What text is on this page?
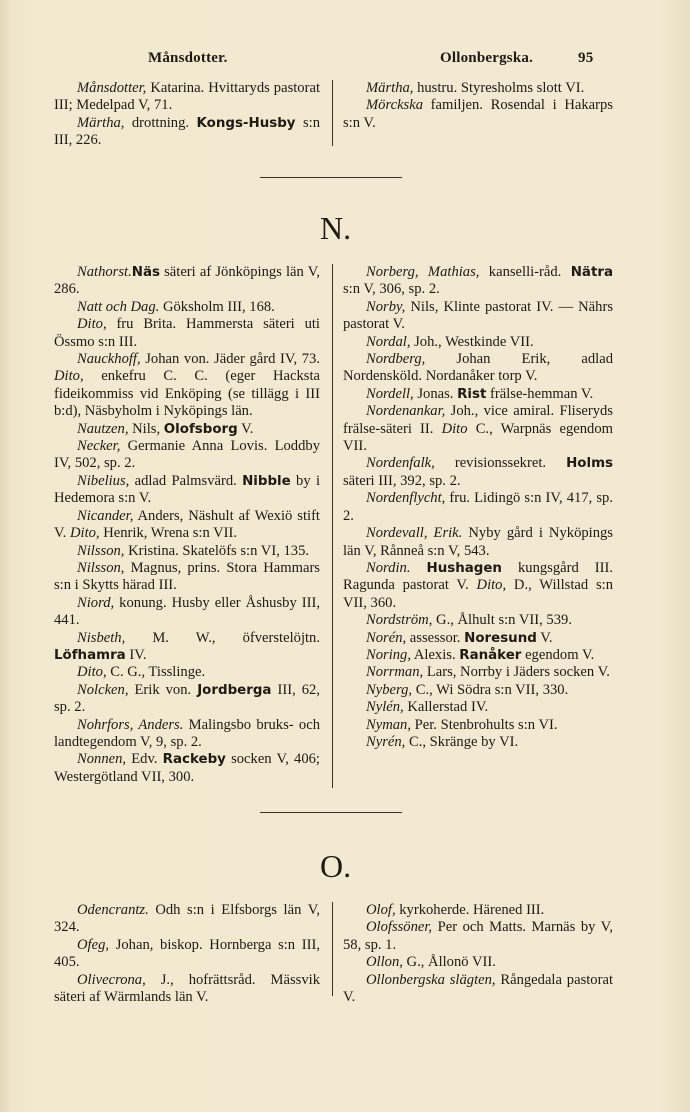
Månsdotter.	Ollonbergska.	95

Månsdotter, Katarina. Hvittaryds pastorat III; Medelpad V, 71.

Märtha, drottning. Kongs-Husby s:n III, 226.

Märtha, hustru. Styresholms slott VI.

Mörckska familjen. Rosendal i Hakarps s:n V.

N.

Nathorst.Näs säteri af Jönköpings län V, 286.

Natt och Dag. Göksholm III, 168.

Dito, fru Brita. Hammersta säteri uti Össmo s:n III.

Nauckhoff, Johan von. Jäder gård IV, 73. Dito, enkefru C. C. (eger Hacksta fideikommiss vid Enköping (se tillägg i III b:d), Näsbyholm i Nyköpings län.

Nautzen, Nils, Olofsborg V.

Necker, Germanie Anna Lovis. Loddby IV, 502, sp. 2.

Nibelius, adlad Palmsvärd. Nibble by i Hedemora s:n V.

Nicander, Anders, Näshult af Wexiö stift V. Dito, Henrik, Wrena s:n VII.

Nilsson, Kristina. Skatelöfs s:n VI, 135.

Nilsson, Magnus, prins. Stora Hammars s:n i Skytts härad III.

Niord, konung. Husby eller Åshusby III, 441.

Nisbeth, M. W., öfverstelöjtn. Löfhamra IV.

Dito, C. G., Tisslinge.

Nolcken, Erik von. Jordberga III, 62, sp. 2.

Nohrfors, Anders. Malingsbo bruks- och landtegendom V, 9, sp. 2.

Nonnen, Edv. Rackeby socken V, 406; Westergötland VII, 300.

Norberg, Mathias, kanselli-råd. Nätra s:n V, 306, sp. 2.

Norby, Nils, Klinte pastorat IV. — Nährs pastorat V.

Nordal, Joh., Westkinde VII.

Nordberg, Johan Erik, adlad Nordensköld. Nordanåker torp V.

Nordell, Jonas. Rist frälse-hemman V.

Nordenankar, Joh., vice amiral. Fliseryds frälse-säteri II. Dito C., Warpnäs egendom VII.

Nordenfalk, revisionssekret. Holms säteri III, 392, sp. 2.

Nordenflycht, fru. Lidingö s:n IV, 417, sp. 2.

Nordevall, Erik. Nyby gård i Nyköpings län V, Rånneå s:n V, 543.

Nordin. Hushagen kungsgård III. Ragunda pastorat V. Dito, D., Willstad s:n VII, 360.

Nordström, G., Ålhult s:n VII, 539.

Norén, assessor. Noresund V.

Noring, Alexis. Ranåker egendom V.

Norrman, Lars, Norrby i Jäders socken V.

Nyberg, C., Wi Södra s:n VII, 330.

Nylén, Kallerstad IV.

Nyman, Per. Stenbrohults s:n VI.

Nyrén, C., Skränge by VI.

O.

Odencrantz. Odh s:n i Elfsborgs län V, 324.

Ofeg, Johan, biskop. Hornberga s:n III, 405.

Olivecrona, J., hofrättsråd. Mässvik säteri af Wärmlands län V.

Olof, kyrkoherde. Härened III.

Olofssöner, Per och Matts. Marnäs by V, 58, sp. 1.

Ollon, G., Ållonö VII.

Ollonbergska slägten, Rångedala pastorat V.
